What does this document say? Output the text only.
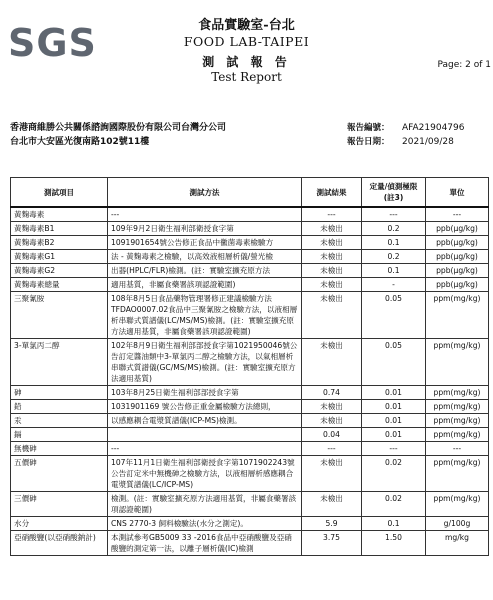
SGS	食品實驗室-台北
FOOD LAB-TAIPEI
測 試 報 告
Test Report
Page: 2 of 1
香港商維勝公共關係諮詢國際股份有限公司台灣分公司
台北市大安區光復南路102號11樓
報告編號： AFA21904796
報告日期： 2021/09/28
測試項目	測試方法	測試結果	定量/偵測極限(註3)	單位
黃麴毒素	---	---	---	---
黃麴毒素B1	109年9月2日衛生福利部衛授食字第	未檢出	0.2	ppb(μg/kg)
黃麴毒素B2	1091901654號公告修正食品中黴菌毒素檢驗方	未檢出	0.1	ppb(μg/kg)
黃麴毒素G1	法 - 黃麴毒素之檢驗，以高效液相層析儀/螢光檢	未檢出	0.2	ppb(μg/kg)
黃麴毒素G2	出器(HPLC/FLR)檢測。(註：實驗室擴充原方法	未檢出	0.1	ppb(μg/kg)
黃麴毒素總量	適用基質，非屬食藥署該項認證範圍)	未檢出	-	ppb(μg/kg)
三聚氰胺	108年8月5日食品藥物管理署修正建議檢驗方法TFDAO0007.02食品中三聚氰胺之檢驗方法，以液相層析串聯式質譜儀(LC/MS/MS)檢測。(註：實驗室擴充原方法適用基質，非屬食藥署該項認證範圍)	未檢出	0.05	ppm(mg/kg)
3-單氯丙二醇	102年8月9日衛生福利部部授食字第1021950046號公告訂定醬油類中3-單氯丙二醇之檢驗方法，以氣相層析串聯式質譜儀(GC/MS/MS)檢測。(註：實驗室擴充原方法適用基質)	未檢出	0.05	ppm(mg/kg)
砷	103年8月25日衛生福利部部授食字第	0.74	0.01	ppm(mg/kg)
鉛	1031901169 號公告修正重金屬檢驗方法總則，	未檢出	0.01	ppm(mg/kg)
汞	以感應耦合電漿質譜儀(ICP-MS)檢測。	未檢出	0.01	ppm(mg/kg)
鎘		0.04	0.01	ppm(mg/kg)
無機砷	---	---	---	---
五價砷	107年11月1日衛生福利部衛授食字第1071902243號公告訂定米中無機砷之檢驗方法，以液相層析感應耦合電漿質譜儀(LC/ICP-MS)	未檢出	0.02	ppm(mg/kg)
三價砷	檢測。(註：實驗室擴充原方法適用基質，非屬食藥署該項認證範圍)	未檢出	0.02	ppm(mg/kg)
水分	CNS 2770-3 飼料檢驗法(水分之測定)。	5.9	0.1	g/100g
亞硝酸鹽(以亞硝酸鈉計)	本測試參考GB5009 33 -2016食品中亞硝酸鹽及亞硝酸鹽的測定第一法，以離子層析儀(IC)檢測	3.75	1.50	mg/kg
